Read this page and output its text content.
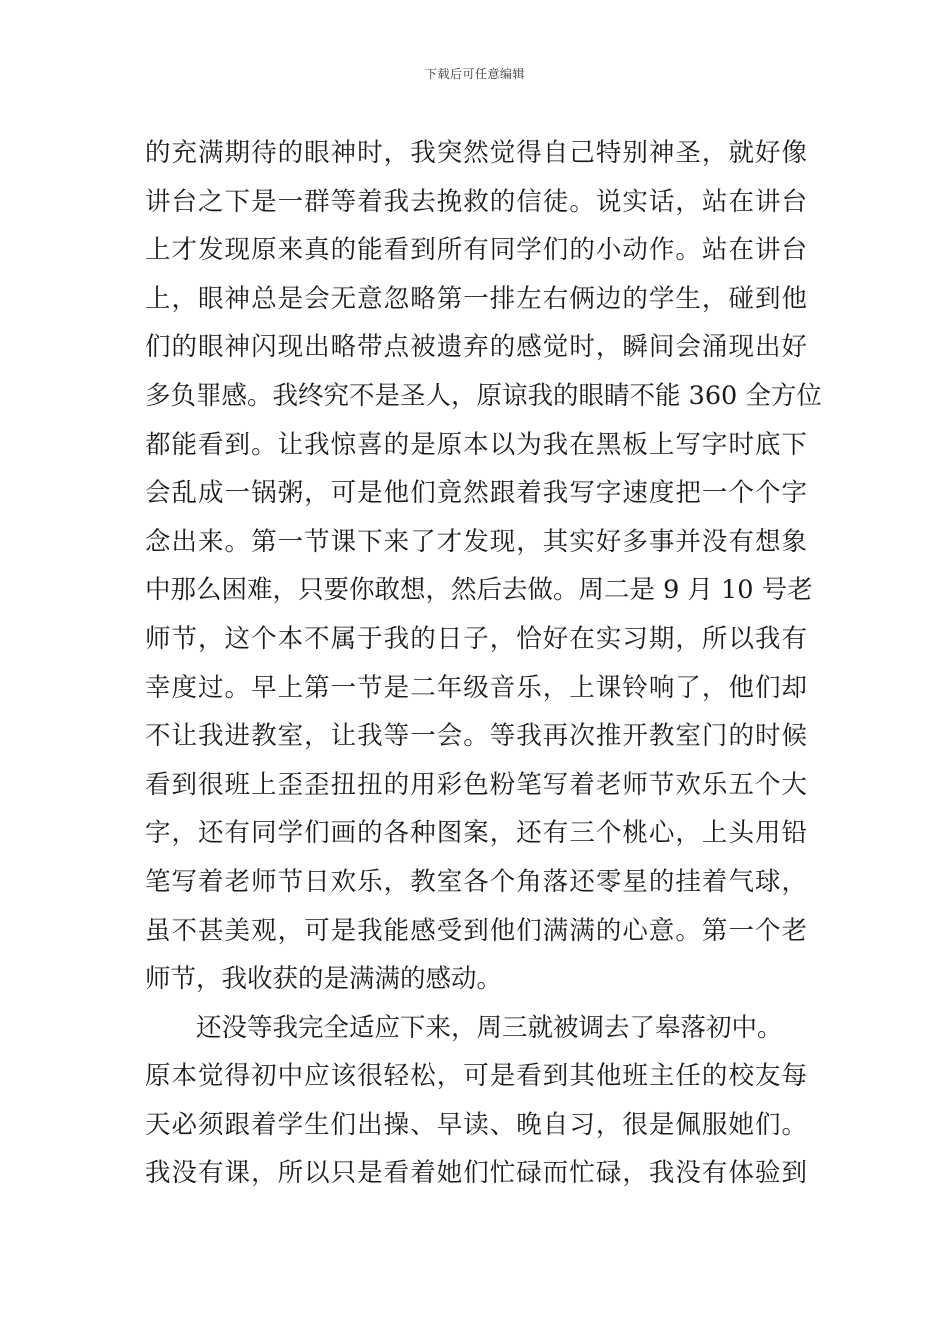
下载后可任意编辑
的充满期待的眼神时，我突然觉得自己特别神圣，就好像
讲台之下是一群等着我去挽救的信徒。说实话，站在讲台
上才发现原来真的能看到所有同学们的小动作。站在讲台
上，眼神总是会无意忽略第一排左右俩边的学生，碰到他
们的眼神闪现出略带点被遗弃的感觉时，瞬间会涌现出好
多负罪感。我终究不是圣人，原谅我的眼睛不能 360 全方位
都能看到。让我惊喜的是原本以为我在黑板上写字时底下
会乱成一锅粥，可是他们竟然跟着我写字速度把一个个字
念出来。第一节课下来了才发现，其实好多事并没有想象
中那么困难，只要你敢想，然后去做。周二是 9 月 10 号老
师节，这个本不属于我的日子，恰好在实习期，所以我有
幸度过。早上第一节是二年级音乐，上课铃响了，他们却
不让我进教室，让我等一会。等我再次推开教室门的时候
看到很班上歪歪扭扭的用彩色粉笔写着老师节欢乐五个大
字，还有同学们画的各种图案，还有三个桃心，上头用铅
笔写着老师节日欢乐，教室各个角落还零星的挂着气球，
虽不甚美观，可是我能感受到他们满满的心意。第一个老
师节，我收获的是满满的感动。
还没等我完全适应下来，周三就被调去了皋落初中。
原本觉得初中应该很轻松，可是看到其他班主任的校友每
天必须跟着学生们出操、早读、晚自习，很是佩服她们。
我没有课，所以只是看着她们忙碌而忙碌，我没有体验到
